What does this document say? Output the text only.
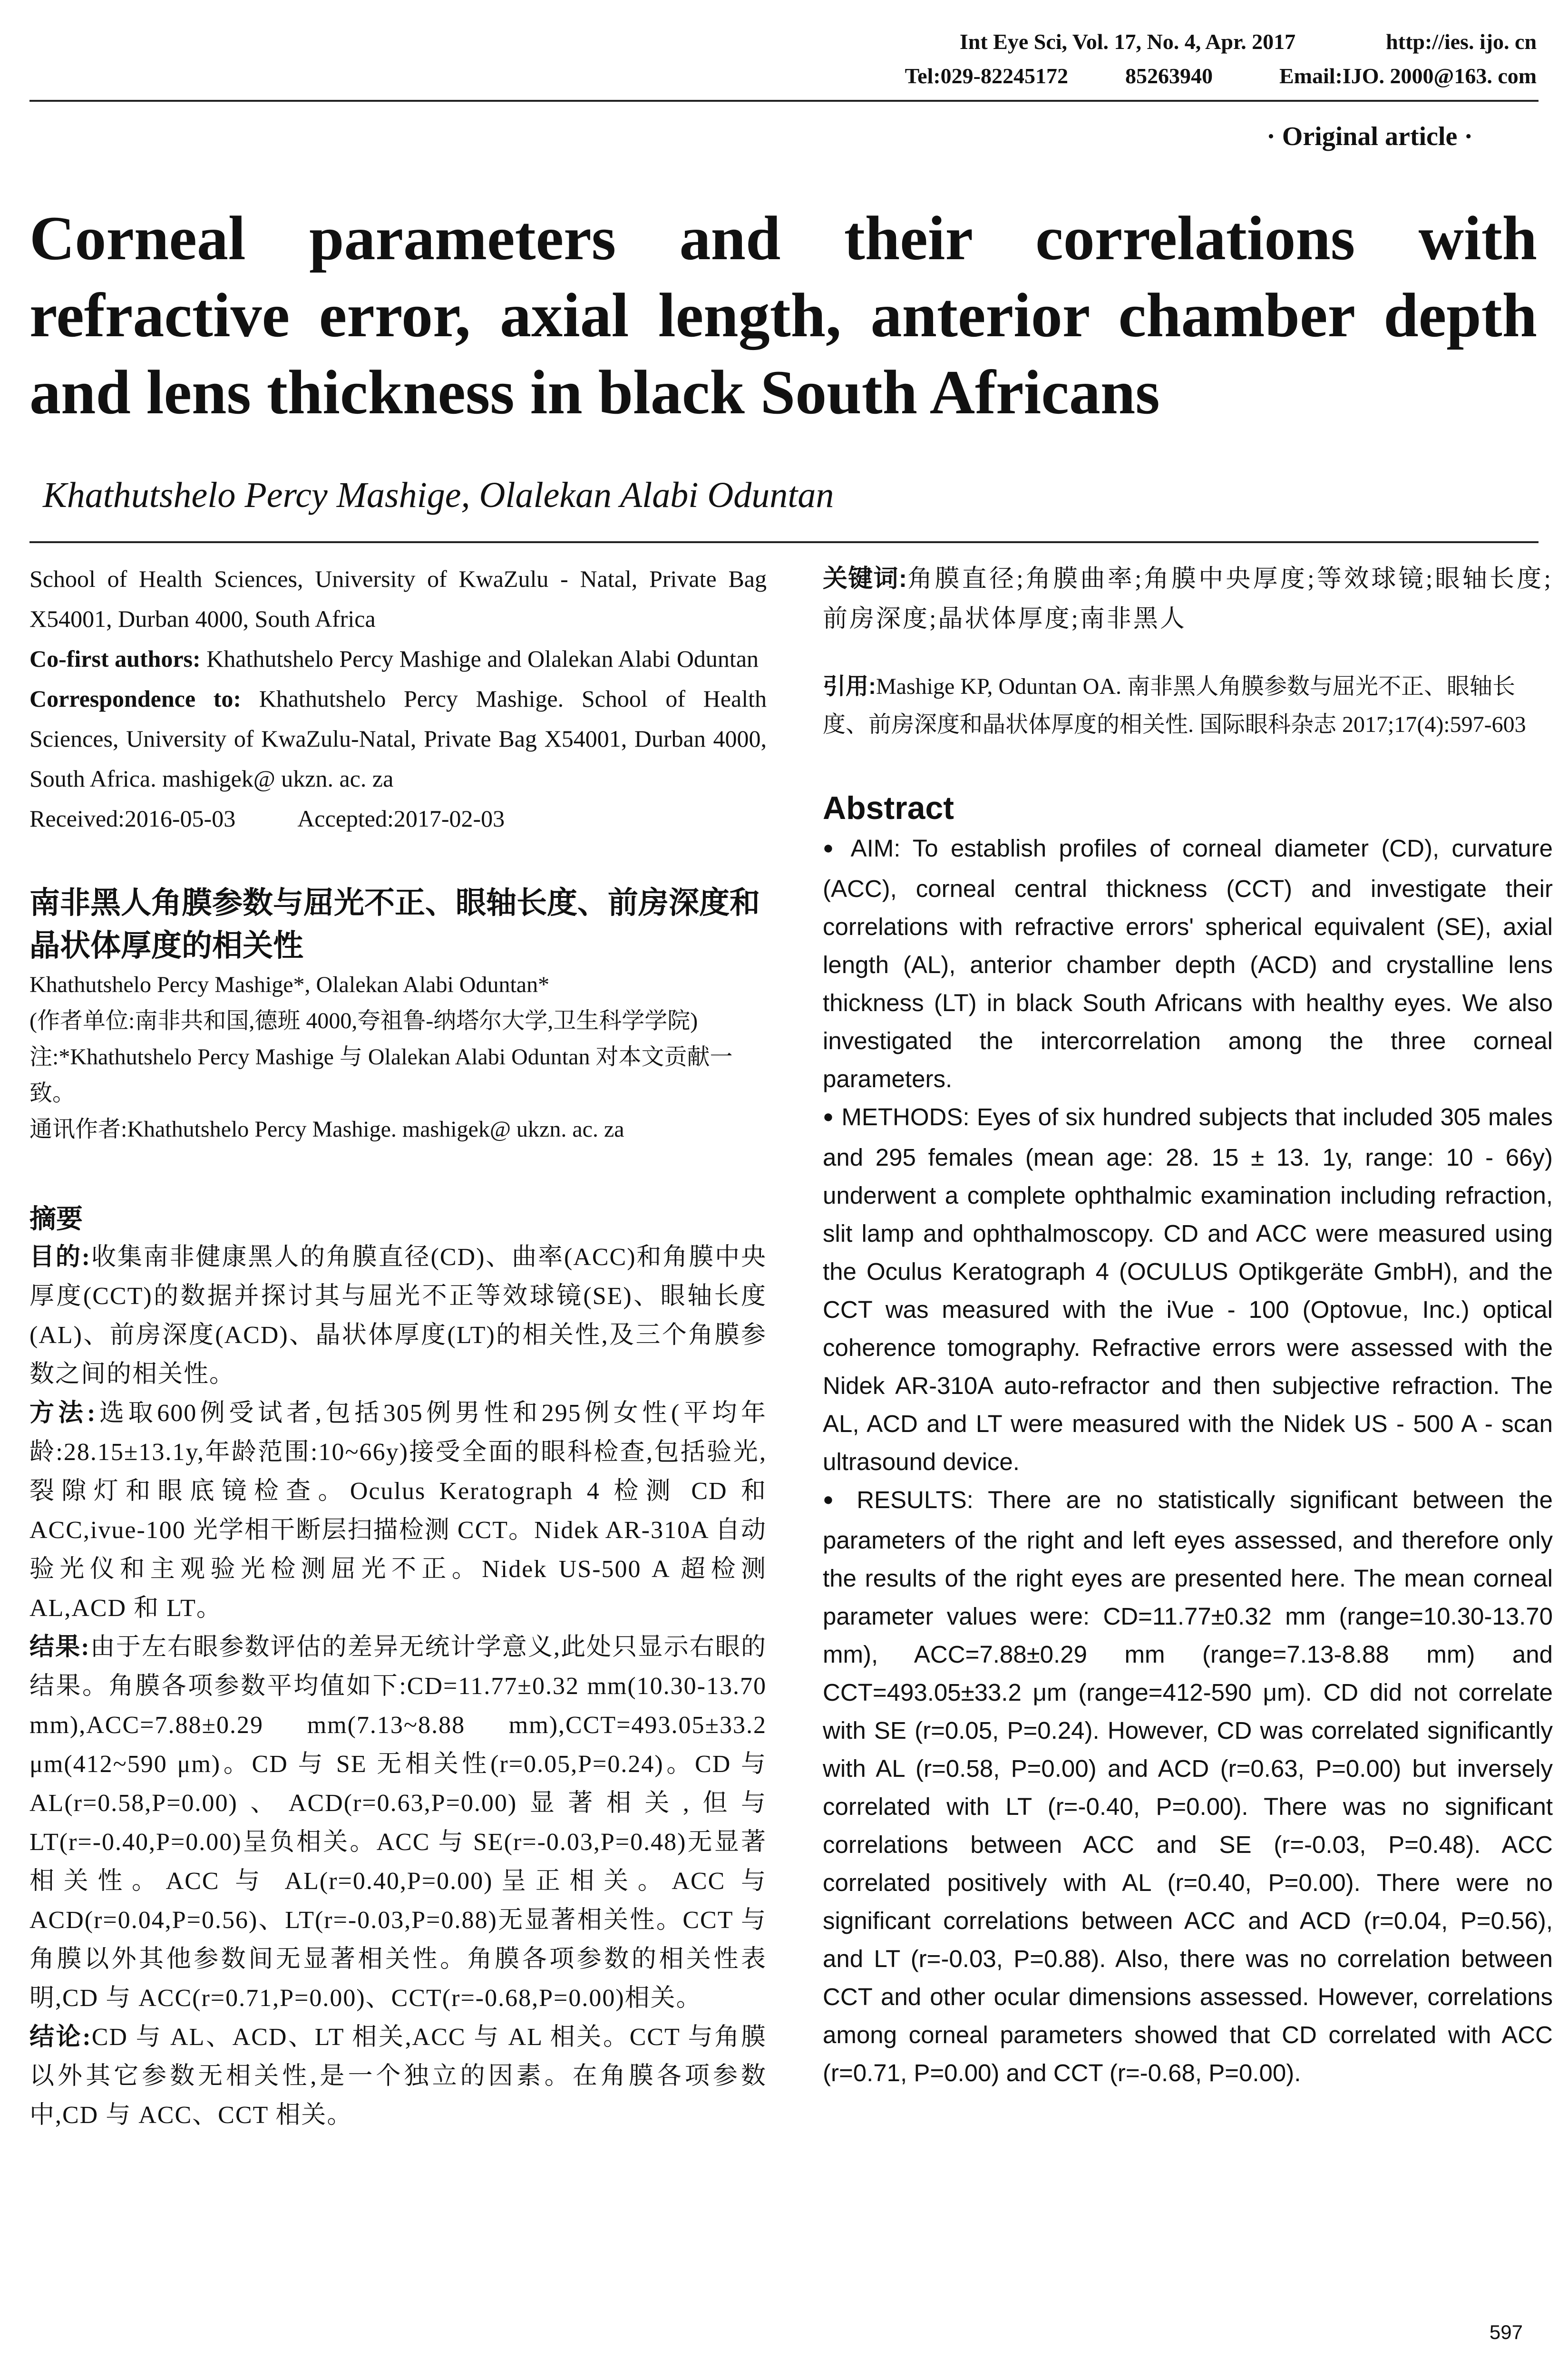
Int Eye Sci, Vol. 17, No. 4, Apr. 2017	http://ies. ijo. cn
Tel:029-82245172	85263940	Email:IJO. 2000@163. com
· Original article ·
Corneal parameters and their correlations with refractive error, axial length, anterior chamber depth and lens thickness in black South Africans
Khathutshelo Percy Mashige, Olalekan Alabi Oduntan
School of Health Sciences, University of KwaZulu - Natal, Private Bag X54001, Durban 4000, South Africa
Co-first authors: Khathutshelo Percy Mashige and Olalekan Alabi Oduntan
Correspondence to: Khathutshelo Percy Mashige. School of Health Sciences, University of KwaZulu-Natal, Private Bag X54001, Durban 4000, South Africa. mashigek@ ukzn. ac. za
Received:2016-05-03	Accepted:2017-02-03
南非黑人角膜参数与屈光不正、眼轴长度、前房深度和晶状体厚度的相关性
Khathutshelo Percy Mashige*, Olalekan Alabi Oduntan*
(作者单位:南非共和国,德班 4000,夸祖鲁-纳塔尔大学,卫生科学学院)
注:*Khathutshelo Percy Mashige 与 Olalekan Alabi Oduntan 对本文贡献一致。
通讯作者:Khathutshelo Percy Mashige. mashigek@ ukzn. ac. za
摘要

目的:收集南非健康黑人的角膜直径(CD)、曲率(ACC)和角膜中央厚度(CCT)的数据并探讨其与屈光不正等效球镜(SE)、眼轴长度(AL)、前房深度(ACD)、晶状体厚度(LT)的相关性,及三个角膜参数之间的相关性。

方法:选取600例受试者,包括305例男性和295例女性(平均年龄:28.15±13.1y,年龄范围:10~66y)接受全面的眼科检查,包括验光,裂隙灯和眼底镜检查。Oculus Keratograph 4 检测 CD 和 ACC,ivue-100 光学相干断层扫描检测 CCT。Nidek AR-310A 自动验光仪和主观验光检测屈光不正。Nidek US-500 A 超检测 AL,ACD 和 LT。

结果:由于左右眼参数评估的差异无统计学意义,此处只显示右眼的结果。角膜各项参数平均值如下:CD=11.77±0.32 mm(10.30-13.70 mm),ACC=7.88±0.29 mm(7.13~8.88 mm),CCT=493.05±33.2 μm(412~590 μm)。CD 与 SE 无相关性(r=0.05,P=0.24)。CD 与 AL(r=0.58,P=0.00)、ACD(r=0.63,P=0.00)显著相关,但与 LT(r=-0.40,P=0.00)呈负相关。ACC 与 SE(r=-0.03,P=0.48)无显著相关性。ACC 与 AL(r=0.40,P=0.00)呈正相关。ACC 与 ACD(r=0.04,P=0.56)、LT(r=-0.03,P=0.88)无显著相关性。CCT 与角膜以外其他参数间无显著相关性。角膜各项参数的相关性表明,CD 与 ACC(r=0.71,P=0.00)、CCT(r=-0.68,P=0.00)相关。

结论:CD 与 AL、ACD、LT 相关,ACC 与 AL 相关。CCT 与角膜以外其它参数无相关性,是一个独立的因素。在角膜各项参数中,CD 与 ACC、CCT 相关。

关键词:角膜直径;角膜曲率;角膜中央厚度;等效球镜;眼轴长度;前房深度;晶状体厚度;南非黑人
引用:Mashige KP, Oduntan OA. 南非黑人角膜参数与屈光不正、眼轴长度、前房深度和晶状体厚度的相关性. 国际眼科杂志 2017;17(4):597-603
Abstract

● AIM: To establish profiles of corneal diameter (CD), curvature (ACC), corneal central thickness (CCT) and investigate their correlations with refractive errors' spherical equivalent (SE), axial length (AL), anterior chamber depth (ACD) and crystalline lens thickness (LT) in black South Africans with healthy eyes. We also investigated the intercorrelation among the three corneal parameters.

● METHODS: Eyes of six hundred subjects that included 305 males and 295 females (mean age: 28. 15 ± 13. 1y, range: 10 - 66y) underwent a complete ophthalmic examination including refraction, slit lamp and ophthalmoscopy. CD and ACC were measured using the Oculus Keratograph 4 (OCULUS Optikgeräte GmbH), and the CCT was measured with the iVue - 100 (Optovue, Inc.) optical coherence tomography. Refractive errors were assessed with the Nidek AR-310A auto-refractor and then subjective refraction. The AL, ACD and LT were measured with the Nidek US - 500 A - scan ultrasound device.

● RESULTS: There are no statistically significant between the parameters of the right and left eyes assessed, and therefore only the results of the right eyes are presented here. The mean corneal parameter values were: CD=11.77±0.32 mm (range=10.30-13.70 mm), ACC=7.88±0.29 mm (range=7.13-8.88 mm) and CCT=493.05±33.2 μm (range=412-590 μm). CD did not correlate with SE (r=0.05, P=0.24). However, CD was correlated significantly with AL (r=0.58, P=0.00) and ACD (r=0.63, P=0.00) but inversely correlated with LT (r=-0.40, P=0.00). There was no significant correlations between ACC and SE (r=-0.03, P=0.48). ACC correlated positively with AL (r=0.40, P=0.00). There were no significant correlations between ACC and ACD (r=0.04, P=0.56), and LT (r=-0.03, P=0.88). Also, there was no correlation between CCT and other ocular dimensions assessed. However, correlations among corneal parameters showed that CD correlated with ACC (r=0.71, P=0.00) and CCT (r=-0.68, P=0.00).

597
